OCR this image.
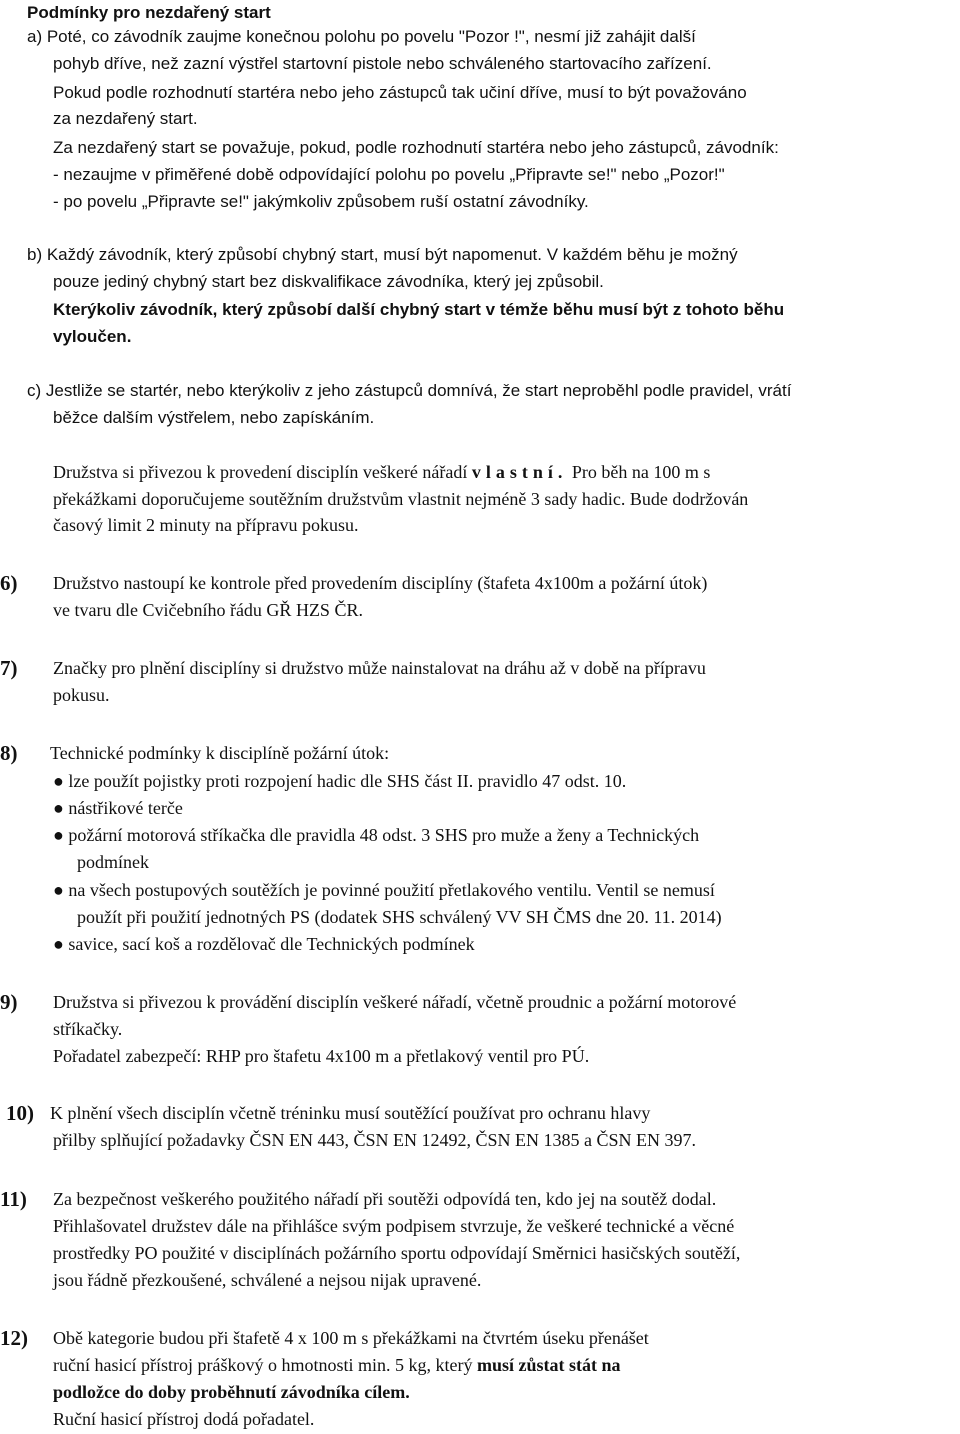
Podmínky pro nezdařený start
a) Poté, co závodník zaujme konečnou polohu po povelu "Pozor !", nesmí již zahájit další
pohyb dříve, než zazní výstřel startovní pistole nebo schváleného startovacího zařízení.
Pokud podle rozhodnutí startéra nebo jeho zástupců tak učiní dříve, musí to být považováno
za nezdařený start.
Za nezdařený start se považuje, pokud, podle rozhodnutí startéra nebo jeho zástupců, závodník:
- nezaujme v přiměřené době odpovídající polohu po povelu „Připravte se!" nebo „Pozor!"
- po povelu „Připravte se!" jakýmkoliv způsobem ruší ostatní závodníky.
b) Každý závodník, který způsobí chybný start, musí být napomenut. V každém běhu je možný
pouze jediný chybný start bez diskvalifikace závodníka, který jej způsobil.
Kterýkoliv závodník, který způsobí další chybný start v témže běhu musí být z tohoto běhu
vyloučen.
c) Jestliže se startér, nebo kterýkoliv z jeho zástupců domnívá, že start neproběhl podle pravidel, vrátí
běžce dalším výstřelem, nebo zapískáním.
Družstva si přivezou k provedení disciplín veškeré nářadí vlastní. Pro běh na 100 m s
překážkami doporučujeme soutěžním družstvům vlastnit nejméně 3 sady hadic. Bude dodržován
časový limit 2 minuty na přípravu pokusu.
6) Družstvo nastoupí ke kontrole před provedením disciplíny (štafeta 4x100m a požární útok)
ve tvaru dle Cvičebního řádu GŘ HZS ČR.
7) Značky pro plnění disciplíny si družstvo může nainstalovat na dráhu až v době na přípravu
pokusu.
8) Technické podmínky k disciplíně požární útok:
● lze použít pojistky proti rozpojení hadic dle SHS část II. pravidlo 47 odst. 10.
● nástřikové terče
● požární motorová stříkačka dle pravidla 48 odst. 3 SHS pro muže a ženy a Technických
podmínek
● na všech postupových soutěžích je povinné použití přetlakového ventilu. Ventil se nemusí
použít při použití jednotných PS (dodatek SHS schválený VV SH ČMS dne 20. 11. 2014)
● savice, sací koš a rozdělovač dle Technických podmínek
9) Družstva si přivezou k provádění disciplín veškeré nářadí, včetně proudnic a požární motorové
stříkačky.
Pořadatel zabezpečí: RHP pro štafetu 4x100 m a přetlakový ventil pro PÚ.
10) K plnění všech disciplín včetně tréninku musí soutěžící používat pro ochranu hlavy
přilby splňující požadavky ČSN EN 443, ČSN EN 12492, ČSN EN 1385 a ČSN EN 397.
11) Za bezpečnost veškerého použitého nářadí při soutěži odpovídá ten, kdo jej na soutěž dodal.
Přihlašovatel družstev dále na přihlášce svým podpisem stvrzuje, že veškeré technické a věcné
prostředky PO použité v disciplínách požárního sportu odpovídají Směrnici hasičských soutěží,
jsou řádně přezkoušené, schválené a nejsou nijak upravené.
12) Obě kategorie budou při štafetě 4 x 100 m s překážkami na čtvrtém úseku přenášet
ruční hasicí přístroj práškový o hmotnosti min. 5 kg, který musí zůstat stát na
podložce do doby proběhnutí závodníka cílem.
Ruční hasicí přístroj dodá pořadatel.
